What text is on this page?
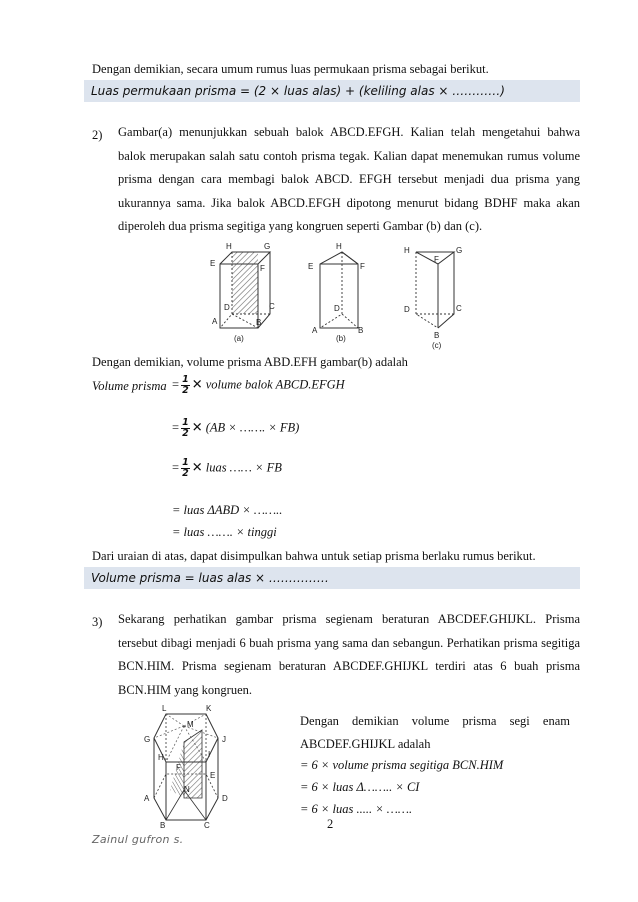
Dengan demikian, secara umum rumus luas permukaan prisma sebagai berikut.
Luas permukaan prisma = (2 × luas alas) + (keliling alas × …………)
2) Gambar(a) menunjukkan sebuah balok ABCD.EFGH. Kalian telah mengetahui bahwa balok merupakan salah satu contoh prisma tegak. Kalian dapat menemukan rumus volume prisma dengan cara membagi balok ABCD. EFGH tersebut menjadi dua prisma yang ukurannya sama. Jika balok ABCD.EFGH dipotong menurut bidang BDHF maka akan diperoleh dua prisma segitiga yang kongruen seperti Gambar (b) dan (c).
H	G
E
F
D	C
A	B
(a)
H
E	F
D
A	B
(b)
H	G
F
D	C
B
(c)
Dengan demikian, volume prisma ABD.EFH gambar(b) adalah
Volume prisma = $\frac{1}{2}$ ✕ volume balok ABCD.EFGH
= $\frac{1}{2}$ ✕ (AB × ……. × FB)
= $\frac{1}{2}$ ✕ luas …… × FB
= luas ΔABD × ……..
= luas ……. × tinggi
Dari uraian di atas, dapat disimpulkan bahwa untuk setiap prisma berlaku rumus berikut.
Volume prisma = luas alas × ……………
3) Sekarang perhatikan gambar prisma segienam beraturan ABCDEF.GHIJKL. Prisma tersebut dibagi menjadi 6 buah prisma yang sama dan sebangun. Perhatikan prisma segitiga BCN.HIM. Prisma segienam beraturan ABCDEF.GHIJKL terdiri atas 6 buah prisma BCN.HIM yang kongruen.
L	K
M
G	J
I
H
F
E
N
A	D
B	C
Dengan demikian volume prisma segi enam ABCDEF.GHIJKL adalah
= 6 × volume prisma segitiga BCN.HIM
= 6 × luas Δ…….. × CI
= 6 × luas ..... × …….
2
Zainul gufron s.
